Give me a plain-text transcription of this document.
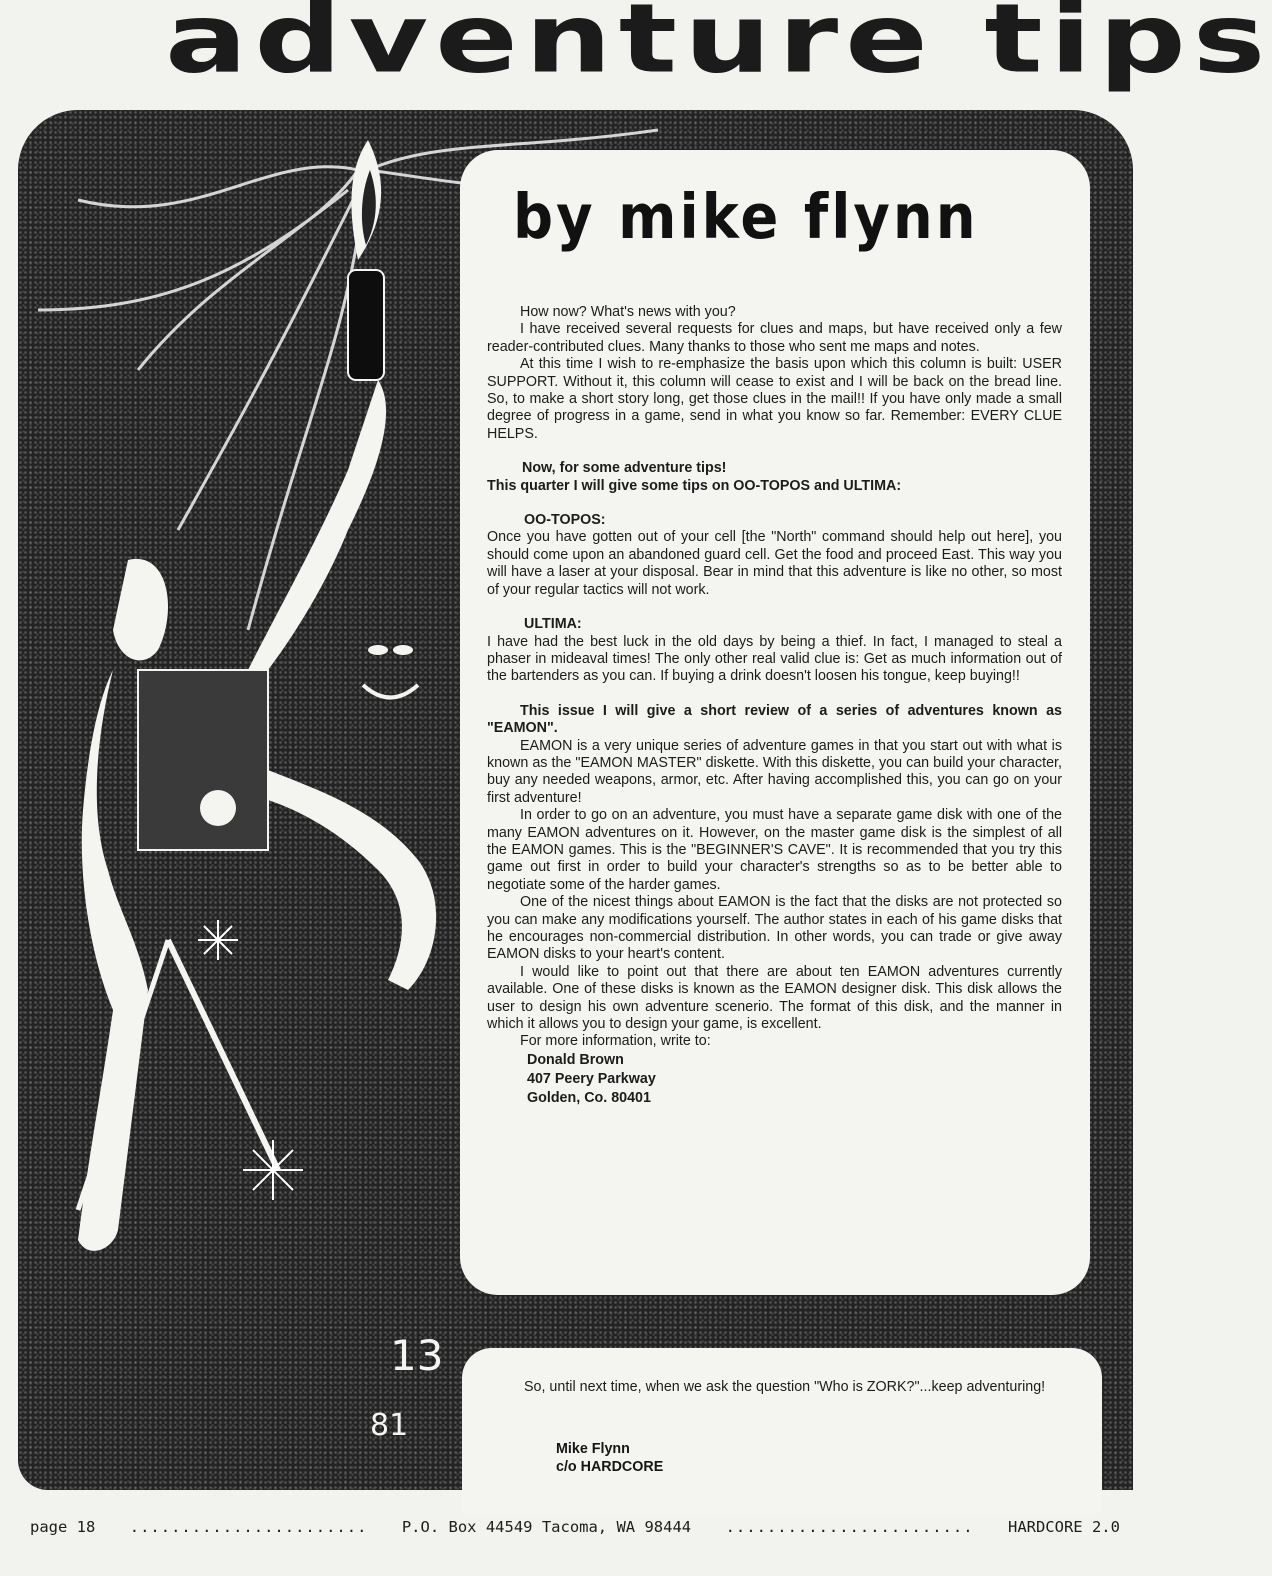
adventure tips
13
81
by mike flynn

How now? What's news with you?

I have received several requests for clues and maps, but have received only a few reader-contributed clues. Many thanks to those who sent me maps and notes.

At this time I wish to re-emphasize the basis upon which this column is built: USER SUPPORT. Without it, this column will cease to exist and I will be back on the bread line. So, to make a short story long, get those clues in the mail!! If you have only made a small degree of progress in a game, send in what you know so far. Remember: EVERY CLUE HELPS.

Now, for some adventure tips!
This quarter I will give some tips on OO-TOPOS and ULTIMA:
OO-TOPOS:

Once you have gotten out of your cell [the "North" command should help out here], you should come upon an abandoned guard cell. Get the food and proceed East. This way you will have a laser at your disposal. Bear in mind that this adventure is like no other, so most of your regular tactics will not work.

ULTIMA:

I have had the best luck in the old days by being a thief. In fact, I managed to steal a phaser in mideaval times! The only other real valid clue is: Get as much information out of the bartenders as you can. If buying a drink doesn't loosen his tongue, keep buying!!

This issue I will give a short review of a series of adventures known as "EAMON".

EAMON is a very unique series of adventure games in that you start out with what is known as the "EAMON MASTER" diskette. With this diskette, you can build your character, buy any needed weapons, armor, etc. After having accomplished this, you can go on your first adventure!

In order to go on an adventure, you must have a separate game disk with one of the many EAMON adventures on it. However, on the master game disk is the simplest of all the EAMON games. This is the "BEGINNER'S CAVE". It is recommended that you try this game out first in order to build your character's strengths so as to be better able to negotiate some of the harder games.

One of the nicest things about EAMON is the fact that the disks are not protected so you can make any modifications yourself. The author states in each of his game disks that he encourages non-commercial distribution. In other words, you can trade or give away EAMON disks to your heart's content.

I would like to point out that there are about ten EAMON adventures currently available. One of these disks is known as the EAMON designer disk. This disk allows the user to design his own adventure scenerio. The format of this disk, and the manner in which it allows you to design your game, is excellent.

For more information, write to:

Donald Brown
407 Peery Parkway
Golden, Co. 80401

So, until next time, when we ask the question "Who is ZORK?"...keep adventuring!

Mike Flynn
c/o HARDCORE
page 18 ....................... P.O. Box 44549 Tacoma, WA 98444 ........................ HARDCORE 2.0
